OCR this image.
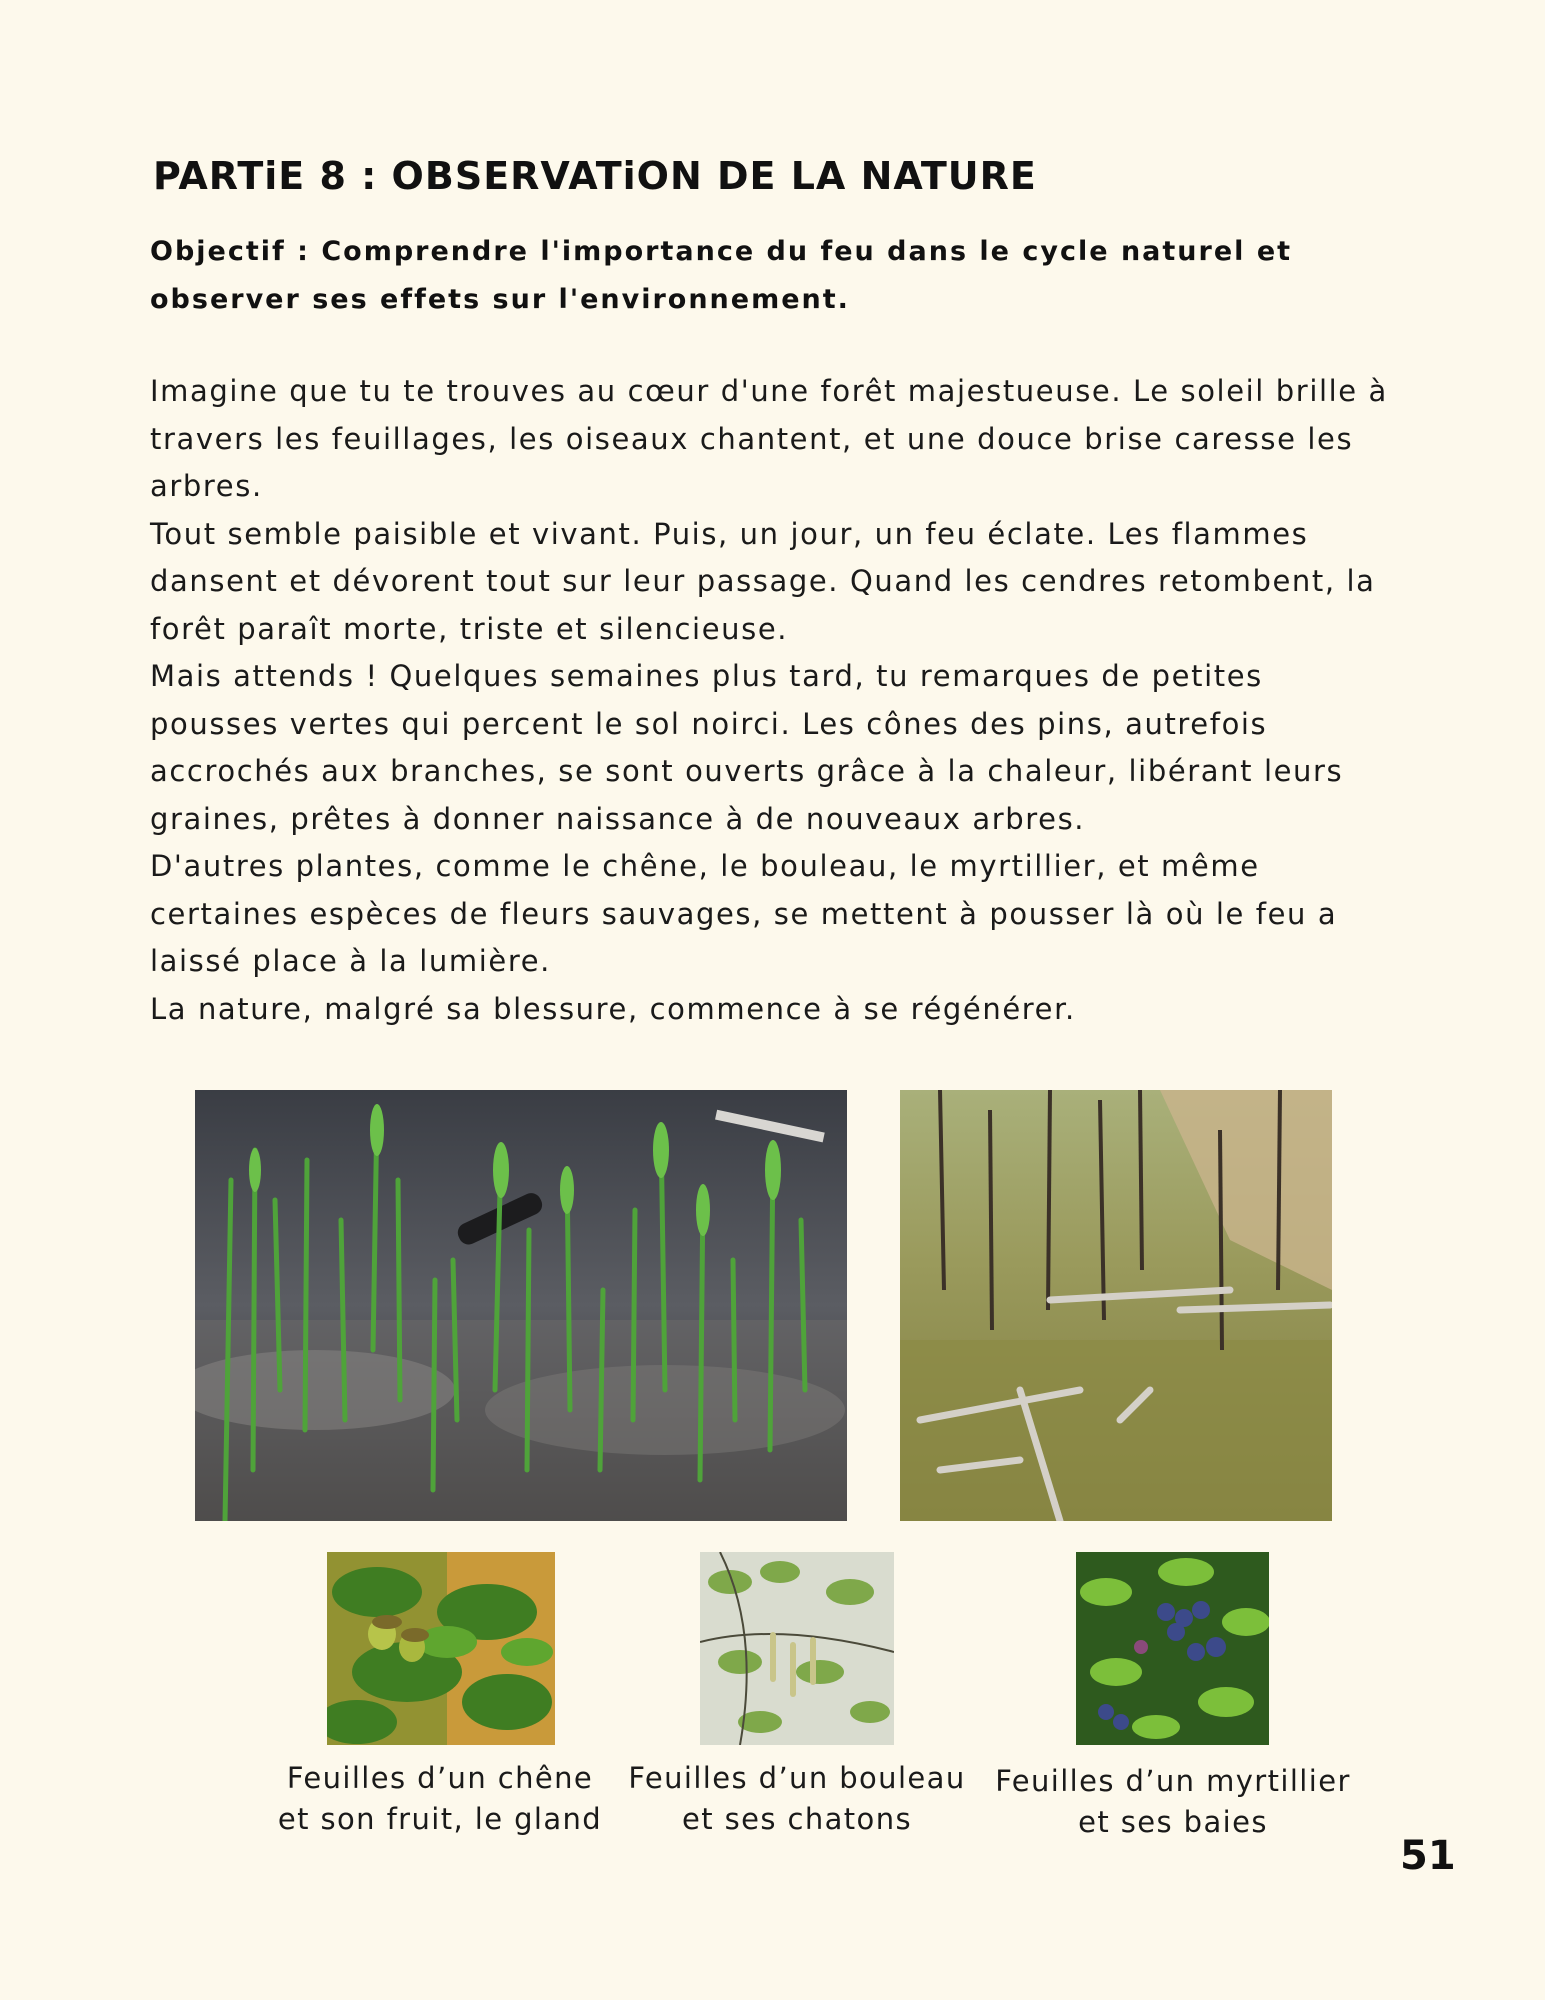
PARTiE 8 : OBSERVATiON DE LA NATURE
Objectif : Comprendre l'importance du feu dans le cycle naturel et observer ses effets sur l'environnement.

Imagine que tu te trouves au cœur d'une forêt majestueuse. Le soleil brille à travers les feuillages, les oiseaux chantent, et une douce brise caresse les arbres.

Tout semble paisible et vivant. Puis, un jour, un feu éclate. Les flammes dansent et dévorent tout sur leur passage. Quand les cendres retombent, la forêt paraît morte, triste et silencieuse.

Mais attends ! Quelques semaines plus tard, tu remarques de petites pousses vertes qui percent le sol noirci. Les cônes des pins, autrefois accrochés aux branches, se sont ouverts grâce à la chaleur, libérant leurs graines, prêtes à donner naissance à de nouveaux arbres.

D'autres plantes, comme le chêne, le bouleau, le myrtillier, et même certaines espèces de fleurs sauvages, se mettent à pousser là où le feu a laissé place à la lumière.

La nature, malgré sa blessure, commence à se régénérer.

Feuilles d’un chêne
et son fruit, le gland
Feuilles d’un bouleau
et ses chatons
Feuilles d’un myrtillier
et ses baies
51
